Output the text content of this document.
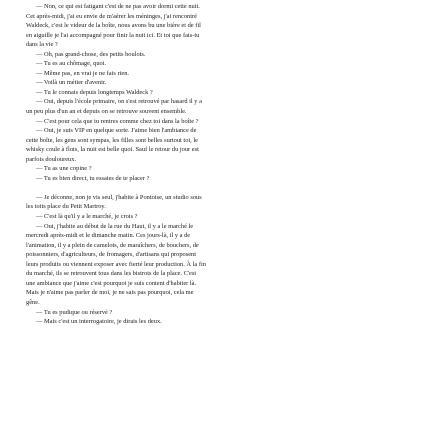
— Non, ce qui est fatigant c'est de ne pas avoir dormi cette nuit.
Cet après-midi, j'ai eu envie de m'aérer les méninges, j'ai rencontré
Waldeck, c'est le videur de la boîte, nous avons bu une bière et de fil
en aiguille je l'ai accompagné pour finir la nuit ici. Et toi que fais-tu
dans la vie ?
— Oh, pas grand-chose, des petits boulots.
— Tu es au chômage, quoi.
— Même pas, en vrai je ne fais rien.
— Voilà un métier d'avenir.
— Tu le connais depuis longtemps Waldeck ?
— Oui, depuis l'école primaire, on s'est retrouvé par hasard il y a
un peu plus d'un an et depuis on se retrouve souvent ensemble.
— C'est pour cela que tu rentres comme chez toi dans la boîte ?
— Oui, je suis VIP en quelque sorte. J'aime bien l'ambiance de
cette boîte, les gens sont sympas, les filles sont belles surtout toi, le
whisky coule à flots, la nuit est belle quoi. Sauf le retour du jour est
parfois douloureux.
— Tu as une copine ?
— Tu es bien direct, tu essaies de te placer ?

— Je déconne, non je vis seul, j'habite à Pontoise, un studio sous
les toits place du Petit Martroy.
— C'est là qu'il y a le marché, je crois ?
— Oui, j'habite au début de la rue du Haut, il y a le marché le
mercredi après-midi et le dimanche matin. Ces jours-là, il y a de
l'animation, il y a plein de camelots, de maraîchers, de bouchers, de
poissonniers, d'agriculteurs, de fromagers, d'artisans qui proposent
leurs produits ou viennent exposer avec fierté leur production. À la fin
du marché, ils se retrouvent tous dans les bistrots de la place. C'est
une ambiance que j'aime c'est pourquoi je suis content d'habiter là.
Mais je n'aime pas parler de moi, je ne sais pas pourquoi, cela me
gêne.
— Tu es pudique ou réservé ?
— Mais c'est un interrogatoire, je dirais les deux.
